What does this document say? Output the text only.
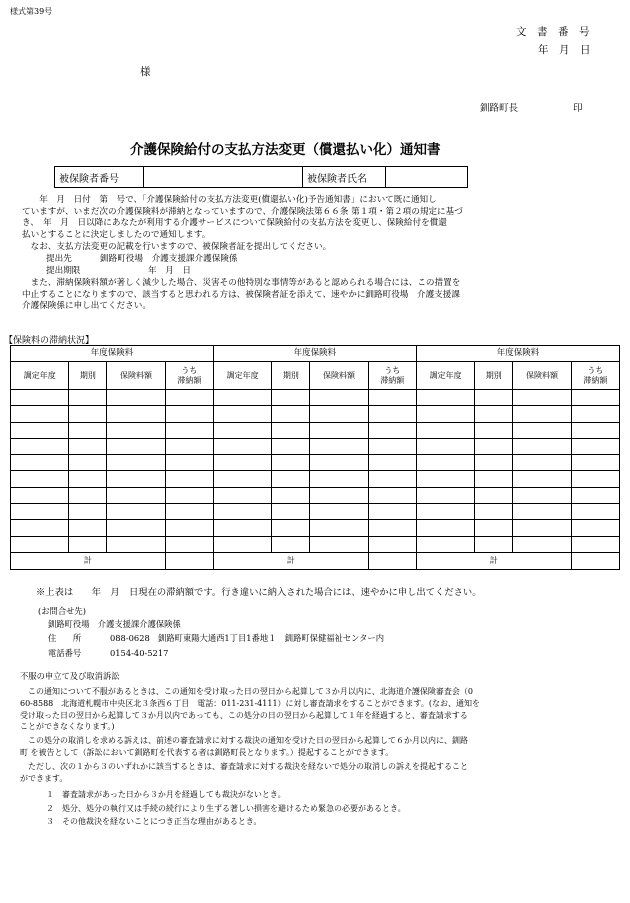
様式第39号
文　書　番　号
年　月　日
様
釧路町長	印
介護保険給付の支払方法変更（償還払い化）通知書
被保険者番号		被保険者氏名	
　　年　月　日付　第　号で、「介護保険給付の支払方法変更(償還払い化)予告通知書」において既に通知し
ていますが、いまだ次の介護保険料が滞納となっていますので、介護保険法第６６条 第１項・第２項の規定に基づ
き、　年　月　日以降にあなたが利用する介護サービスについて保険給付の支払方法を変更し、保険給付を償還
払いとすることに決定しましたので通知します。
　なお、支払方法変更の記載を行いますので、被保険者証を提出してください。
提出先	釧路町役場　介護支援課介護保険係
提出期限	年　月　日
　また、滞納保険料額が著しく減少した場合、災害その他特別な事情等があると認められる場合には、この措置を
中止することになりますので、該当すると思われる方は、被保険者証を添えて、速やかに釧路町役場　介護支援課
介護保険係に申し出てください。
【保険料の滞納状況】
年度保険料				年度保険料				年度保険料			
調定年度	期別	保険料額	うち
滞納額	調定年度	期別	保険料額	うち
滞納額	調定年度	期別	保険料額	うち
滞納額

計				計				計			
※上表は　　年　月　日現在の滞納額です。行き違いに納入された場合には、速やかに申し出てください。
(お問合せ先)
釧路町役場　介護支援課介護保険係
住　　所	088-0628　釧路町東陽大通西1丁目1番地１　釧路町保健福祉センター内
電話番号	0154-40-5217
不服の申立て及び取消訴訟
　この通知について不服があるときは、この通知を受け取った日の翌日から起算して３か月以内に、北海道介護保険審査会（0
60-8588　北海道札幌市中央区北３条西６丁目　電話：011-231-4111）に対し審査請求をすることができます。(なお、通知を
受け取った日の翌日から起算して３か月以内であっても、この処分の日の翌日から起算して１年を経過すると、審査請求する
ことができなくなります。)
　この処分の取消しを求める訴えは、前述の審査請求に対する裁決の通知を受けた日の翌日から起算して６か月以内に、釧路
町 を被告として（訴訟において釧路町を代表する者は釧路町長となります。）提起することができます。
　ただし、次の１から３のいずれかに該当するときは、審査請求に対する裁決を経ないで処分の取消しの訴えを提起すること
ができます。
１　審査請求があった日から３か月を経過しても裁決がないとき。
２　処分、処分の執行又は手続の続行により生ずる著しい損害を避けるため緊急の必要があるとき。
３　その他裁決を経ないことにつき正当な理由があるとき。
